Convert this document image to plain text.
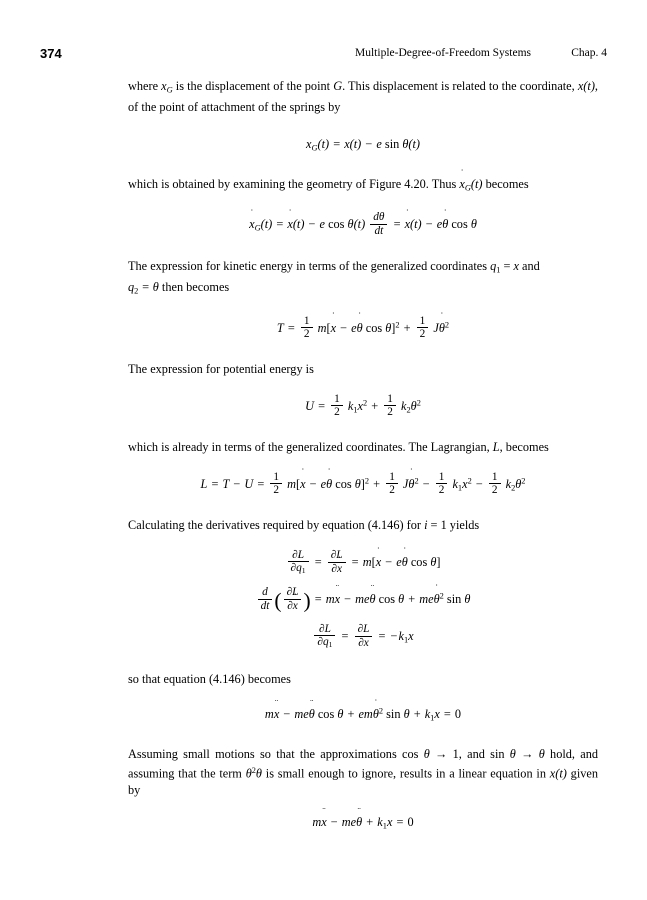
374	Multiple-Degree-of-Freedom Systems	Chap. 4

where $x_G$ is the displacement of the point G. This displacement is related to the coordinate, x(t), of the point of attachment of the springs by

$x_G(t) = x(t) - e$ sin θ(t)

which is obtained by examining the geometry of Figure 4.20. Thus
$x_G(t)$ becomes

$x_G(t) = x(t) - e$ $\cos \theta(t) \frac{d\theta}{dt} = x(t) - e$
θ cos θ

The expression for kinetic energy in terms of the generalized coordinates q1 = x and
q2 = θ then becomes

$T = \frac{1}{2} m$[
x − e
θ $\cos \theta]^2 + \frac{1}{2}$ J
$\theta^2$

The expression for potential energy is

$U = \frac{1}{2} k1x^2 + \frac{1}{2} k2\theta^2$

which is already in terms of the generalized coordinates. The Lagrangian, L, becomes

$L = T - U = \frac{1}{2} m$[
x − e
θ $\cos \theta]^2 + \frac{1}{2}$ J
$\theta^2 - \frac{1}{2} k1x^2 - \frac{1}{2} k2\theta^2$

Calculating the derivatives required by equation (4.146) for i = 1 yields

∂L
∂
q1 = ∂L
∂
x = m[
x − e
θ cos θ]
$\frac{d}{dt}$ ( ∂L
∂
x ) = m
x − me
θ cos θ + me
$\theta^2$ sin θ
$\frac{\partial L}{\partial q1} = \frac{\partial L}{\partial x} = -k1x$

so that equation (4.146) becomes

m
x − me
θ cos θ + em
$\theta^2$ sin θ + k1x = 0

Assuming small motions so that the approximations cos θ → 1, and sin θ → θ hold, and assuming that the term $\theta^2\theta$ is small enough to ignore, results in a linear equation in x(t) given by

m
x − me
θ + k1x = 0
